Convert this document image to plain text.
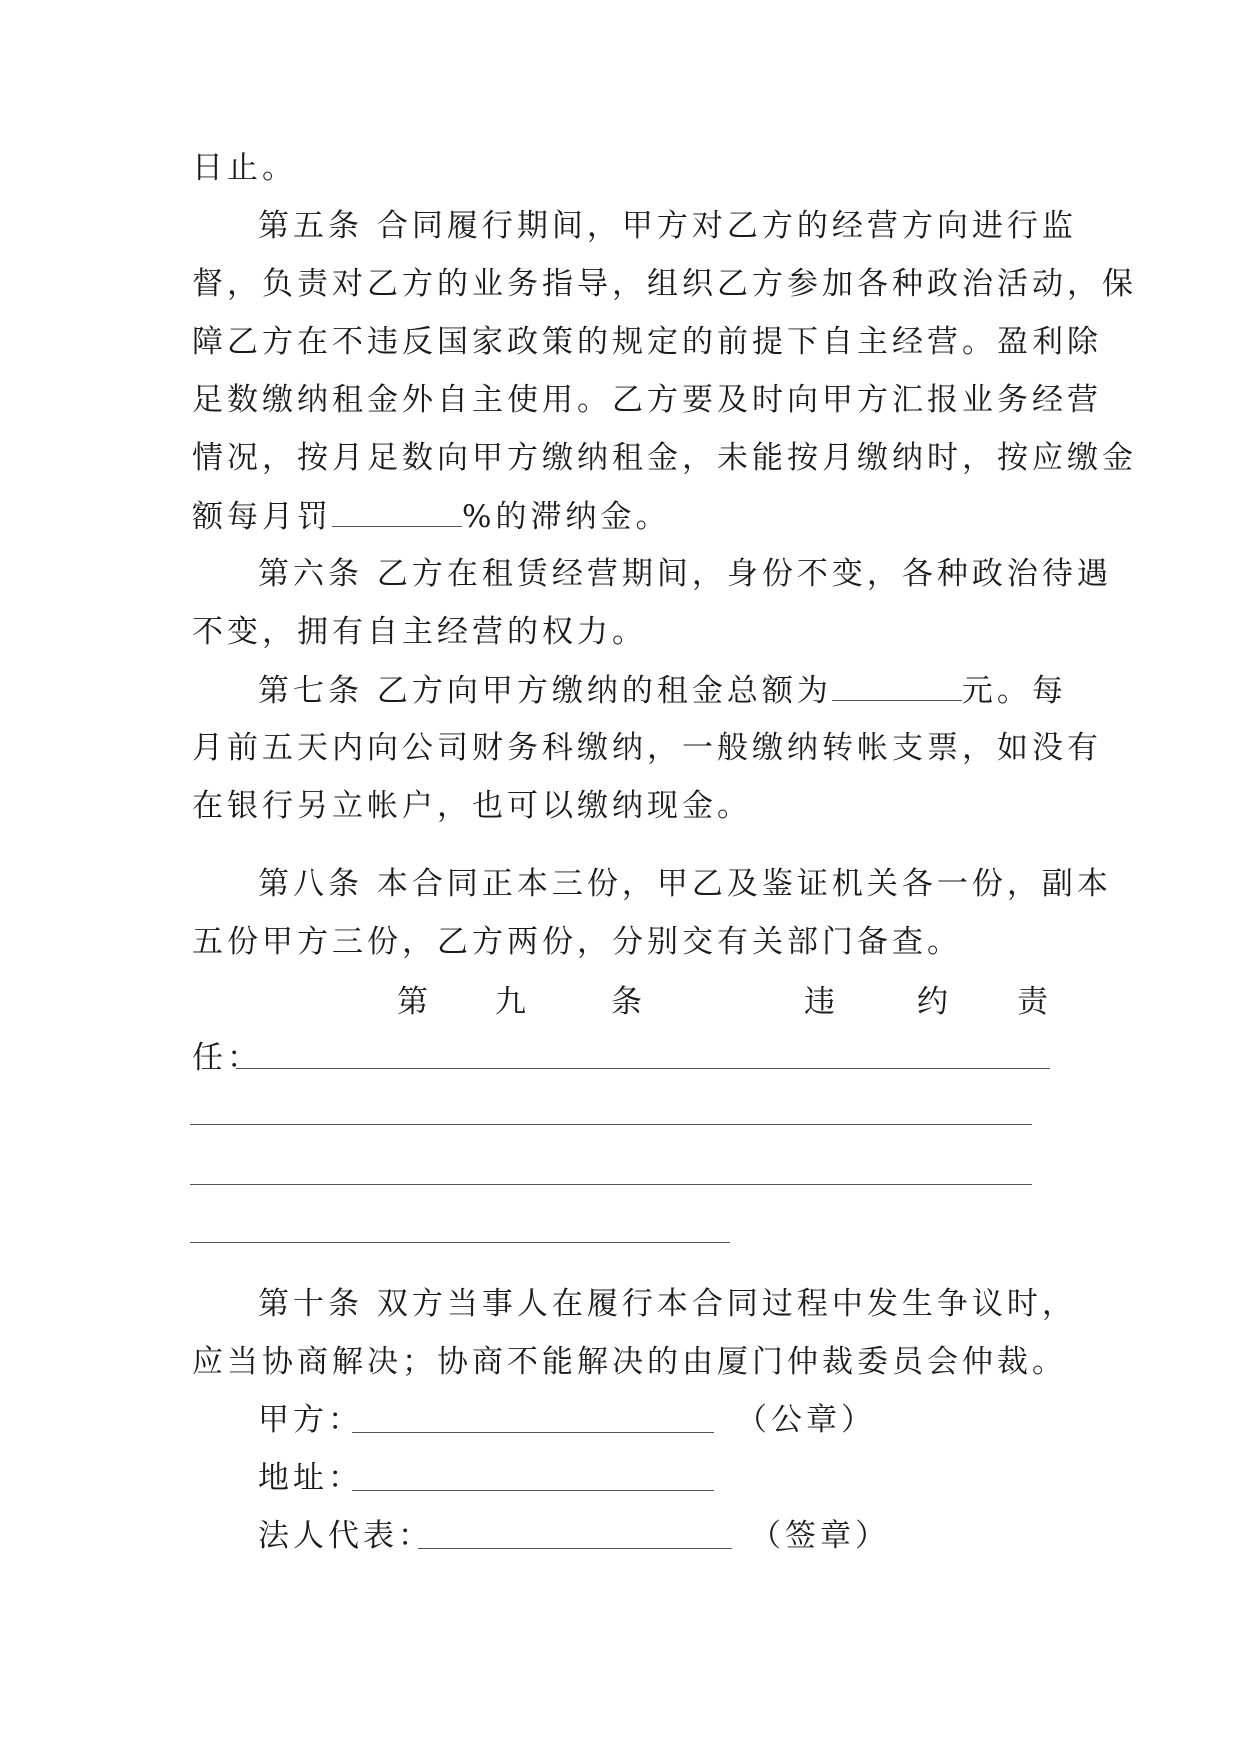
日止。
第五条 合同履行期间，甲方对乙方的经营方向进行监
督，负责对乙方的业务指导，组织乙方参加各种政治活动，保
障乙方在不违反国家政策的规定的前提下自主经营。盈利除
足数缴纳租金外自主使用。乙方要及时向甲方汇报业务经营
情况，按月足数向甲方缴纳租金，未能按月缴纳时，按应缴金
额每月罚	%的滞纳金。
第六条 乙方在租赁经营期间，身份不变，各种政治待遇
不变，拥有自主经营的权力。
第七条 乙方向甲方缴纳的租金总额为	元。每
月前五天内向公司财务科缴纳，一般缴纳转帐支票，如没有
在银行另立帐户，也可以缴纳现金。
第八条 本合同正本三份，甲乙及鉴证机关各一份，副本
五份甲方三份，乙方两份，分别交有关部门备查。
第 九	条	违	约 责
任：
第十条 双方当事人在履行本合同过程中发生争议时，
应当协商解决；协商不能解决的由厦门仲裁委员会仲裁。
甲方：	（公章）
地址：
法人代表：	（签章）
